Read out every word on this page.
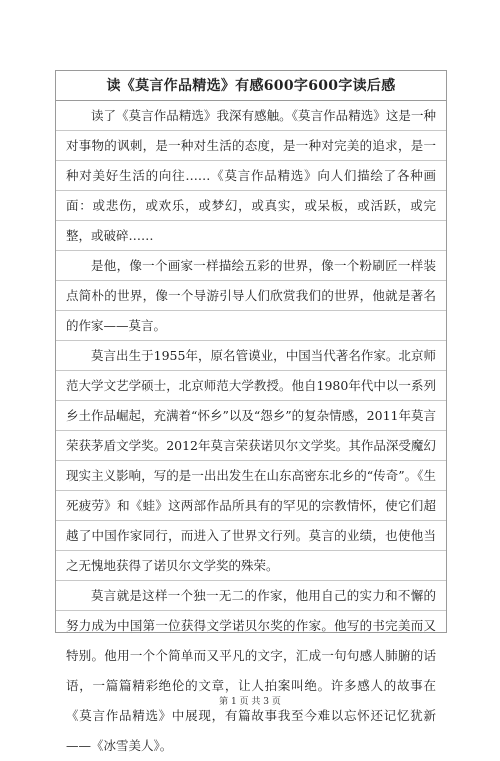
读《莫言作品精选》有感600字600字读后感

读了《莫言作品精选》我深有感触。《莫言作品精选》这是一种对事物的讽刺，是一种对生活的态度，是一种对完美的追求，是一种对美好生活的向往……《莫言作品精选》向人们描绘了各种画面：或悲伤，或欢乐，或梦幻，或真实，或呆板，或活跃，或完整，或破碎……

是他，像一个画家一样描绘五彩的世界，像一个粉刷匠一样装点简朴的世界，像一个导游引导人们欣赏我们的世界，他就是著名的作家——莫言。

莫言出生于1955年，原名管谟业，中国当代著名作家。北京师范大学文艺学硕士，北京师范大学教授。他自1980年代中以一系列乡土作品崛起，充满着“怀乡”以及“怨乡”的复杂情感，2011年莫言荣获茅盾文学奖。2012年莫言荣获诺贝尔文学奖。其作品深受魔幻现实主义影响，写的是一出出发生在山东高密东北乡的“传奇”。《生死疲劳》和《蛙》这两部作品所具有的罕见的宗教情怀，使它们超越了中国作家同行，而进入了世界文行列。莫言的业绩，也使他当之无愧地获得了诺贝尔文学奖的殊荣。

莫言就是这样一个独一无二的作家，他用自己的实力和不懈的努力成为中国第一位获得文学诺贝尔奖的作家。他写的书完美而又特别。他用一个个简单而又平凡的文字，汇成一句句感人肺腑的话语，一篇篇精彩绝伦的文章，让人拍案叫绝。许多感人的故事在《莫言作品精选》中展现，有篇故事我至今难以忘怀还记忆犹新——《冰雪美人》。

第 1 页 共 3 页
